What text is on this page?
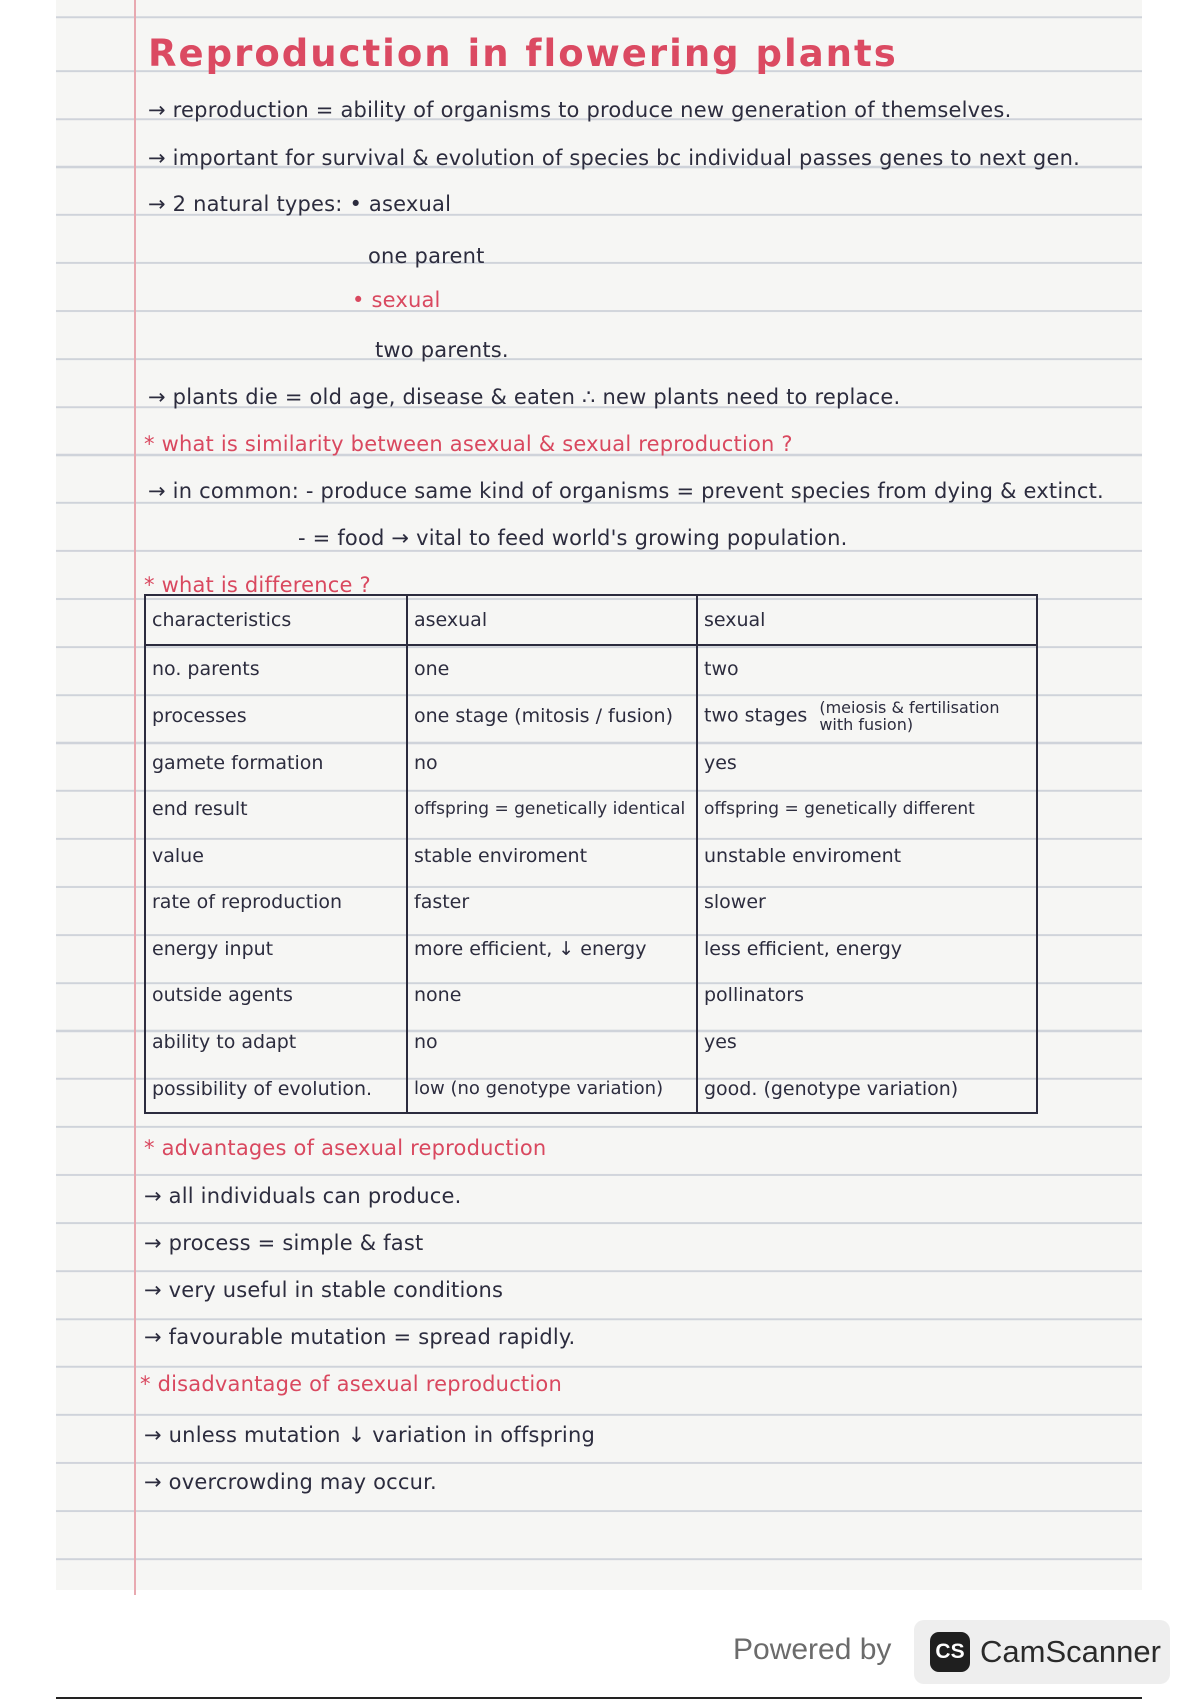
Reproduction in flowering plants
→ reproduction = ability of organisms to produce new generation of themselves.
→ important for survival & evolution of species bc individual passes genes to next gen.
→ 2 natural types: • asexual
one parent
• sexual
two parents.
→ plants die = old age, disease & eaten ∴ new plants need to replace.
* what is similarity between asexual & sexual reproduction ?
→ in common: - produce same kind of organisms = prevent species from dying & extinct.
- = food → vital to feed world's growing population.
* what is difference ?
characteristics	asexual	sexual
no. parents	one	two
processes	one stage (mitosis / fusion)	two stages (meiosis & fertilisation
with fusion)

gamete formation	no	yes
end result	offspring = genetically identical	offspring = genetically different
value	stable enviroment	unstable enviroment
rate of reproduction	faster	slower
energy input	more efficient, ↓ energy	less efficient, energy
outside agents	none	pollinators
ability to adapt	no	yes
possibility of evolution.	low (no genotype variation)	good. (genotype variation)
* advantages of asexual reproduction
→ all individuals can produce.
→ process = simple & fast
→ very useful in stable conditions
→ favourable mutation = spread rapidly.
* disadvantage of asexual reproduction
→ unless mutation ↓ variation in offspring
→ overcrowding may occur.
Powered by CS CamScanner
